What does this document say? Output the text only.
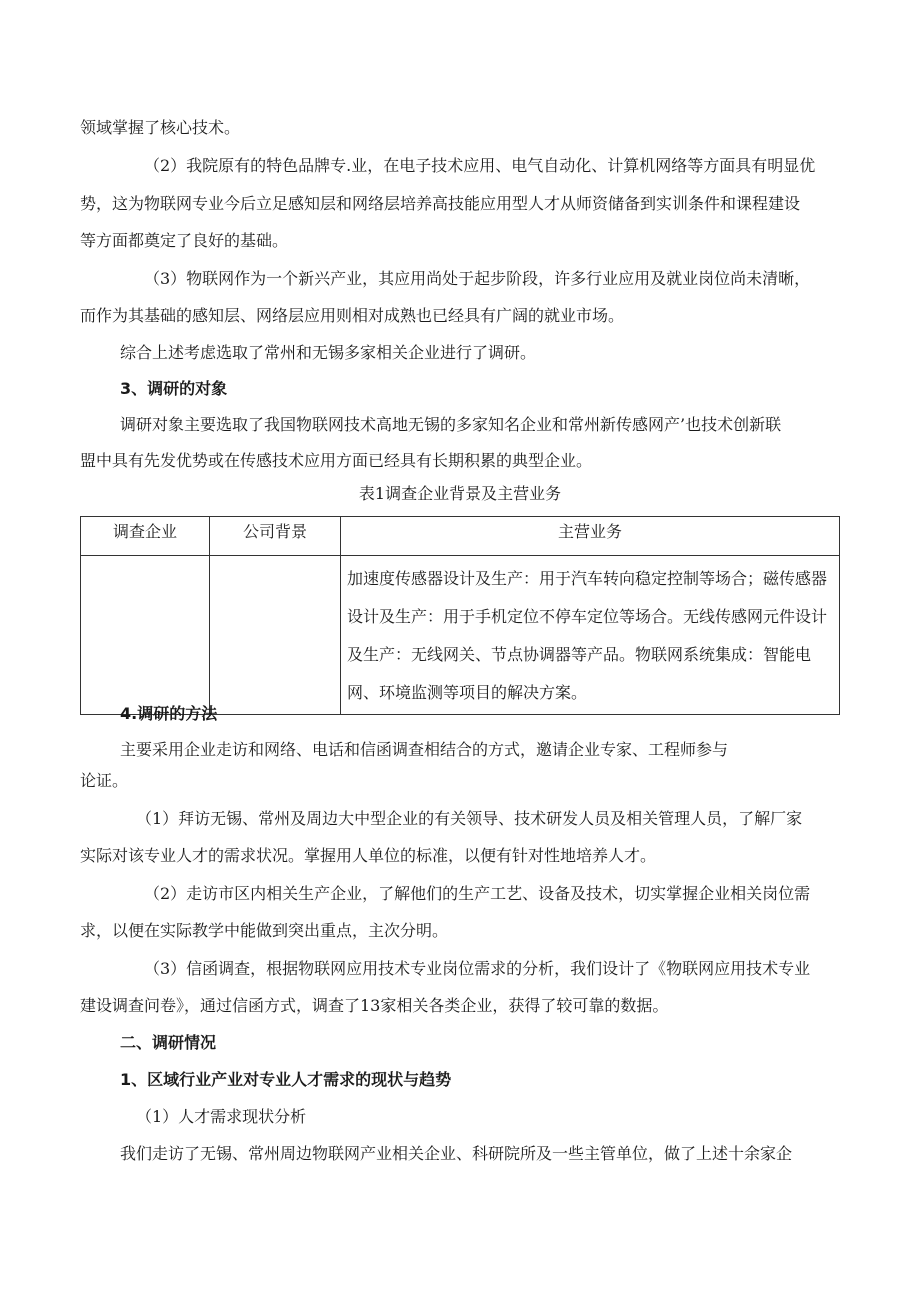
领域掌握了核心技术。
（2）我院原有的特色品牌专.业，在电子技术应用、电气自动化、计算机网络等方面具有明显优
势，这为物联网专业今后立足感知层和网络层培养高技能应用型人才从师资储备到实训条件和课程建设
等方面都奠定了良好的基础。
（3）物联网作为一个新兴产业，其应用尚处于起步阶段，许多行业应用及就业岗位尚未清晰，
而作为其基础的感知层、网络层应用则相对成熟也已经具有广阔的就业市场。
综合上述考虑选取了常州和无锡多家相关企业进行了调研。
3、调研的对象
调研对象主要选取了我国物联网技术高地无锡的多家知名企业和常州新传感网产’也技术创新联
盟中具有先发优势或在传感技术应用方面已经具有长期积累的典型企业。
表1调查企业背景及主营业务
调查企业	公司背景	主营业务
		加速度传感器设计及生产：用于汽车转向稳定控制等场合；磁传感器设计及生产：用于手机定位不停车定位等场合。无线传感网元件设计及生产：无线网关、节点协调器等产品。物联网系统集成：智能电网、环境监测等项目的解决方案。
4.调研的方法
主要采用企业走访和网络、电话和信函调查相结合的方式，邀请企业专家、工程师参与
论证。
（1）拜访无锡、常州及周边大中型企业的有关领导、技术研发人员及相关管理人员，了解厂家
实际对该专业人才的需求状况。掌握用人单位的标准，以便有针对性地培养人才。
（2）走访市区内相关生产企业，了解他们的生产工艺、设备及技术，切实掌握企业相关岗位需
求，以便在实际教学中能做到突出重点，主次分明。
（3）信函调查，根据物联网应用技术专业岗位需求的分析，我们设计了《物联网应用技术专业
建设调查问卷》，通过信函方式，调查了13家相关各类企业，获得了较可靠的数据。
二、调研情况
1、区域行业产业对专业人才需求的现状与趋势
（1）人才需求现状分析
我们走访了无锡、常州周边物联网产业相关企业、科研院所及一些主管单位，做了上述十余家企
